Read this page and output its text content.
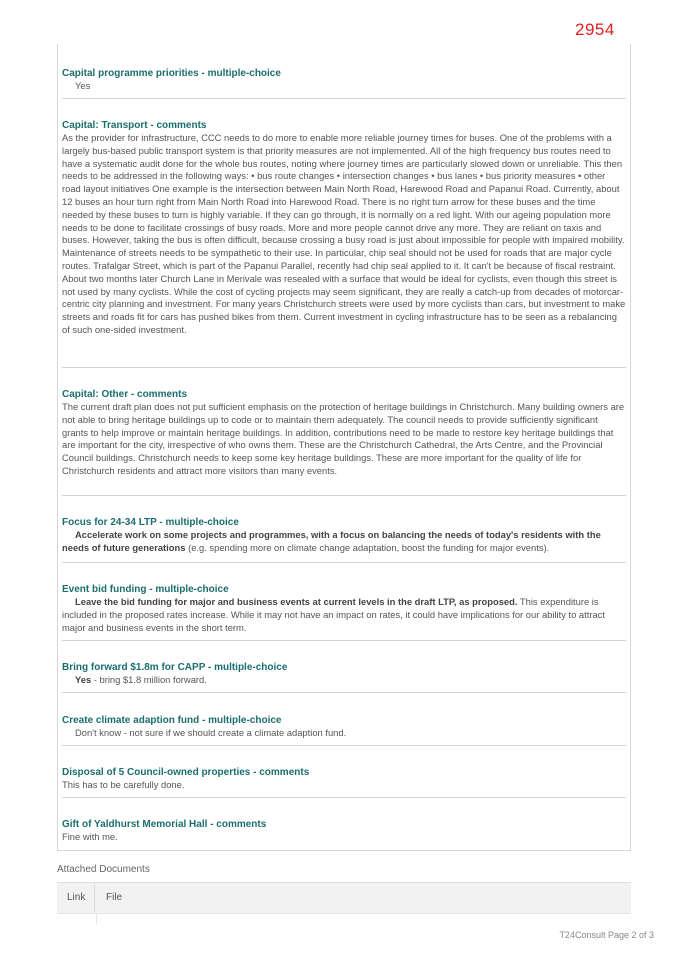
2954
Capital programme priorities - multiple-choice
Yes
Capital: Transport - comments
As the provider for infrastructure, CCC needs to do more to enable more reliable journey times for buses. One of the problems with a largely bus-based public transport system is that priority measures are not implemented. All of the high frequency bus routes need to have a systematic audit done for the whole bus routes, noting where journey times are particularly slowed down or unreliable. This then needs to be addressed in the following ways: • bus route changes • intersection changes • bus lanes • bus priority measures • other road layout initiatives One example is the intersection between Main North Road, Harewood Road and Papanui Road. Currently, about 12 buses an hour turn right from Main North Road into Harewood Road. There is no right turn arrow for these buses and the time needed by these buses to turn is highly variable. If they can go through, it is normally on a red light. With our ageing population more needs to be done to facilitate crossings of busy roads. More and more people cannot drive any more. They are reliant on taxis and buses. However, taking the bus is often difficult, because crossing a busy road is just about impossible for people with impaired mobility. Maintenance of streets needs to be sympathetic to their use. In particular, chip seal should not be used for roads that are major cycle routes. Trafalgar Street, which is part of the Papanui Parallel, recently had chip seal applied to it. It can't be because of fiscal restraint. About two months later Church Lane in Merivale was resealed with a surface that would be ideal for cyclists, even though this street is not used by many cyclists. While the cost of cycling projects may seem significant, they are really a catch-up from decades of motorcar-centric city planning and investment. For many years Christchurch streets were used by more cyclists than cars, but investment to make streets and roads fit for cars has pushed bikes from them. Current investment in cycling infrastructure has to be seen as a rebalancing of such one-sided investment.
Capital: Other - comments
The current draft plan does not put sufficient emphasis on the protection of heritage buildings in Christchurch. Many building owners are not able to bring heritage buildings up to code or to maintain them adequately. The council needs to provide sufficiently significant grants to help improve or maintain heritage buildings. In addition, contributions need to be made to restore key heritage buildings that are important for the city, irrespective of who owns them. These are the Christchurch Cathedral, the Arts Centre, and the Provincial Council buildings. Christchurch needs to keep some key heritage buildings. These are more important for the quality of life for Christchurch residents and attract more visitors than many events.
Focus for 24-34 LTP - multiple-choice
Accelerate work on some projects and programmes, with a focus on balancing the needs of today's residents with the needs of future generations (e.g. spending more on climate change adaptation, boost the funding for major events).
Event bid funding - multiple-choice
Leave the bid funding for major and business events at current levels in the draft LTP, as proposed. This expenditure is included in the proposed rates increase. While it may not have an impact on rates, it could have implications for our ability to attract major and business events in the short term.
Bring forward $1.8m for CAPP - multiple-choice
Yes - bring $1.8 million forward.
Create climate adaption fund - multiple-choice
Don't know - not sure if we should create a climate adaption fund.
Disposal of 5 Council-owned properties - comments
This has to be carefully done.
Gift of Yaldhurst Memorial Hall - comments
Fine with me.
Attached Documents
Link	File
T24Consult Page 2 of 3
